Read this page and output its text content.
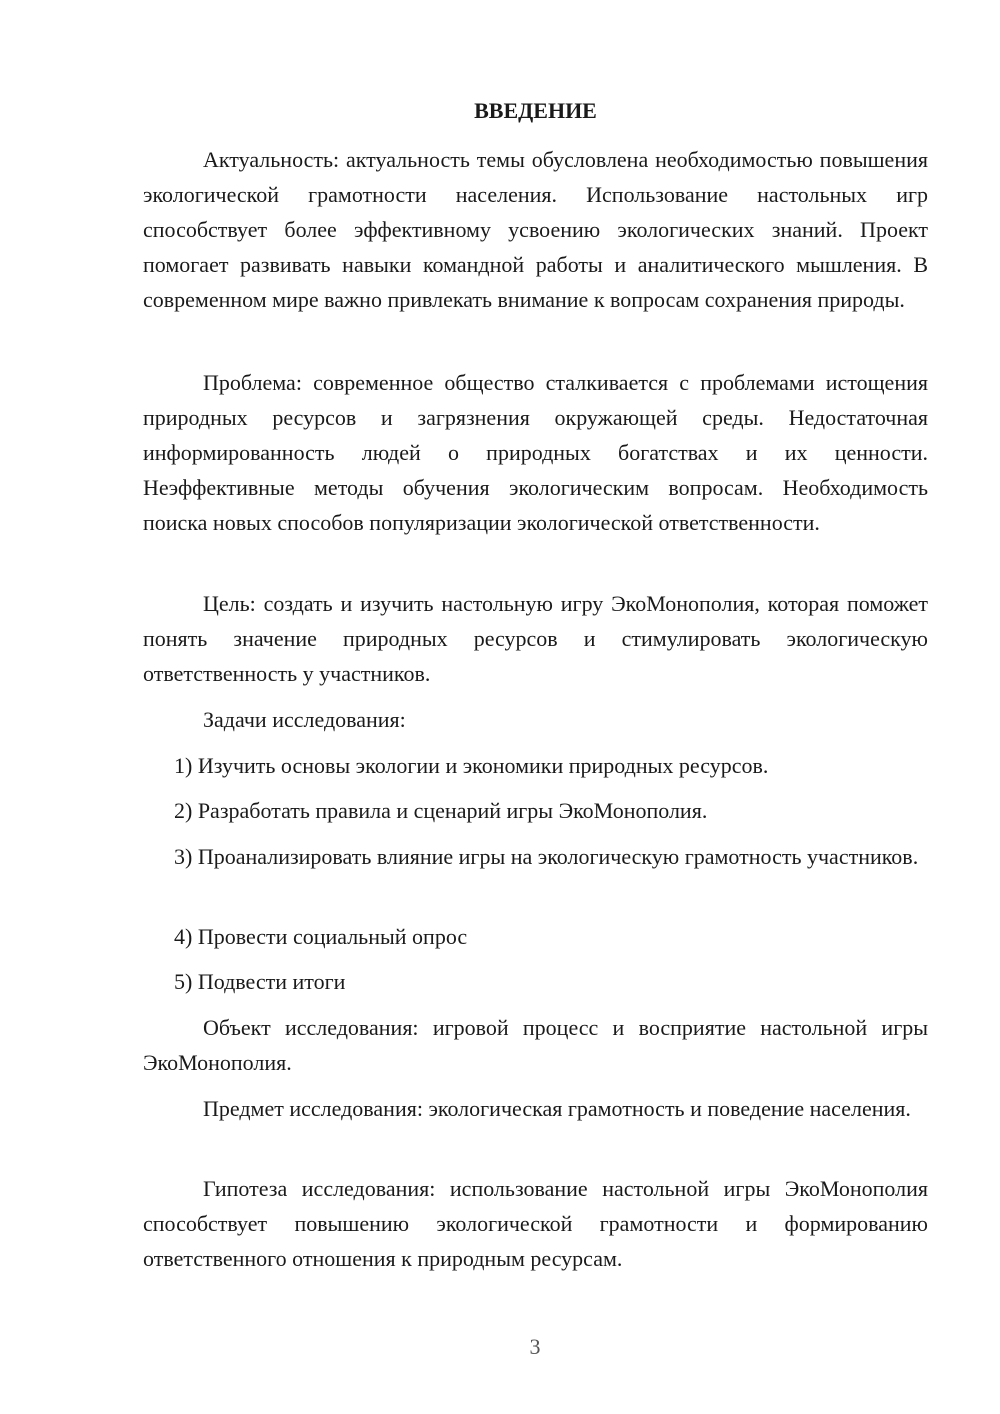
ВВЕДЕНИЕ

Актуальность: актуальность темы обусловлена необходимостью повышения экологической грамотности населения. Использование настольных игр способствует более эффективному усвоению экологических знаний. Проект помогает развивать навыки командной работы и аналитического мышления. В современном мире важно привлекать внимание к вопросам сохранения природы.

Проблема: современное общество сталкивается с проблемами истощения природных ресурсов и загрязнения окружающей среды. Недостаточная информированность людей о природных богатствах и их ценности. Неэффективные методы обучения экологическим вопросам. Необходимость поиска новых способов популяризации экологической ответственности.

Цель: создать и изучить настольную игру ЭкоМонополия, которая поможет понять значение природных ресурсов и стимулировать экологическую ответственность у участников.

Задачи исследования:

1) Изучить основы экологии и экономики природных ресурсов.

2) Разработать правила и сценарий игры ЭкоМонополия.

3) Проанализировать влияние игры на экологическую грамотность участников.

4) Провести социальный опрос

5) Подвести итоги

Объект исследования: игровой процесс и восприятие настольной игры ЭкоМонополия.

Предмет исследования: экологическая грамотность и поведение населения.

Гипотеза исследования: использование настольной игры ЭкоМонополия способствует повышению экологической грамотности и формированию ответственного отношения к природным ресурсам.

3
